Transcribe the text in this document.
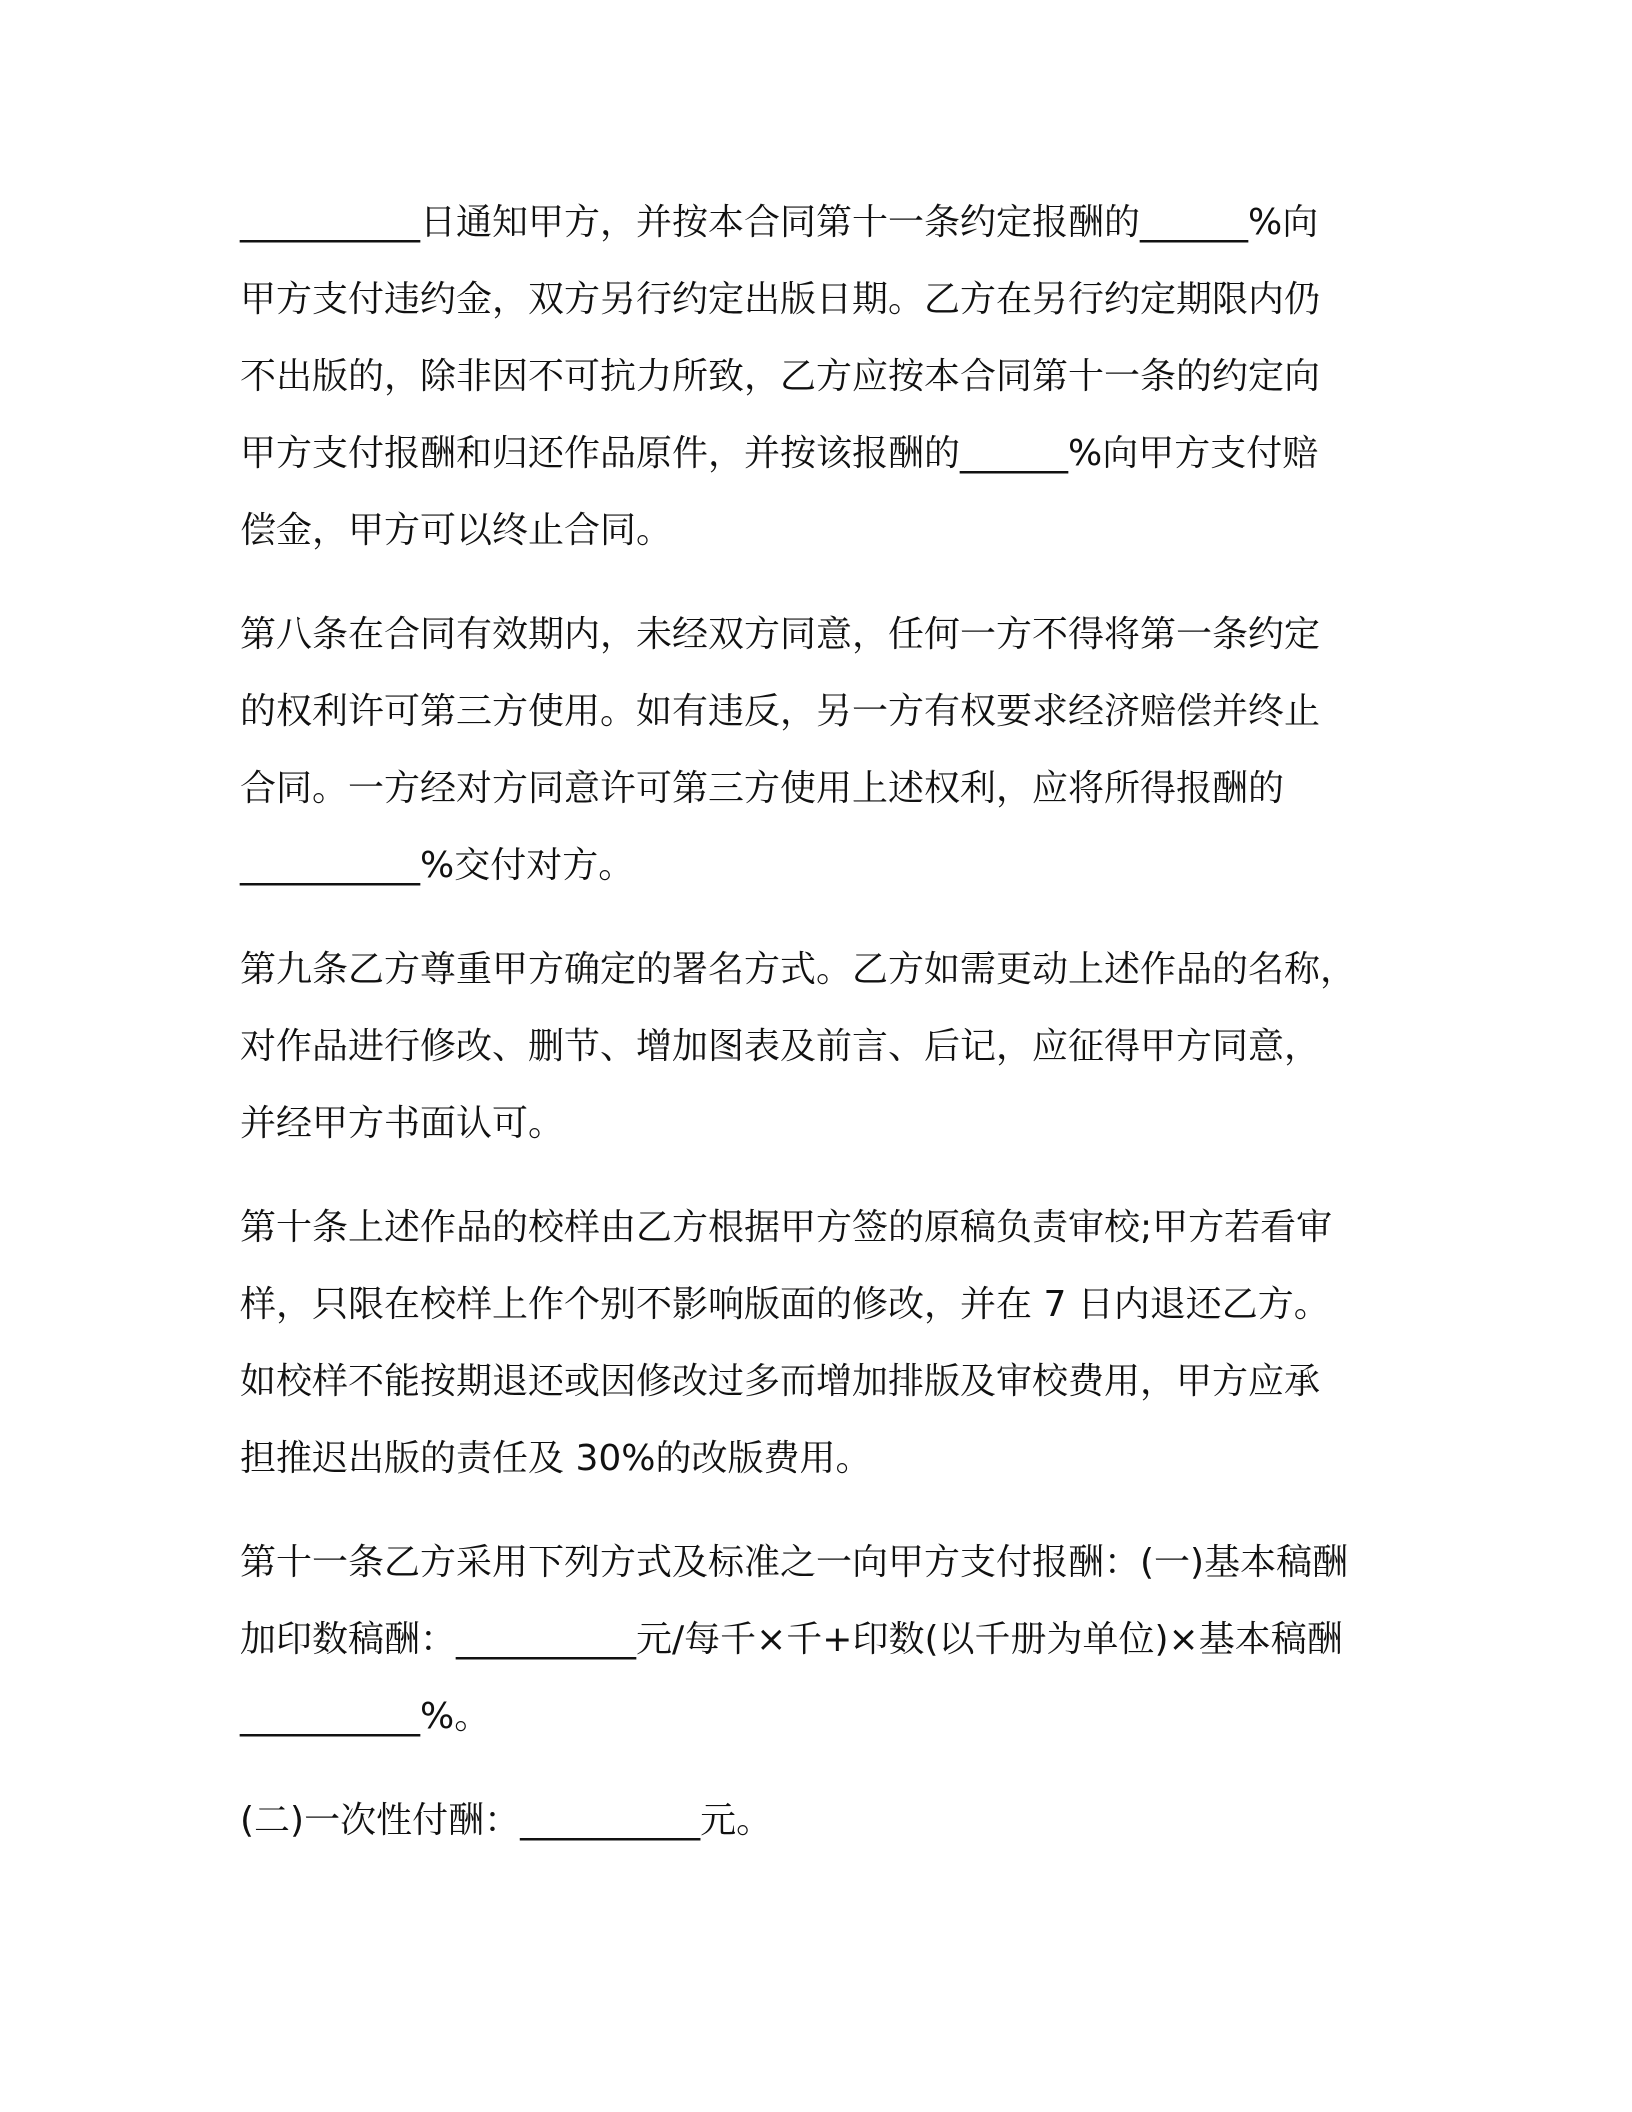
__________日通知甲方，并按本合同第十一条约定报酬的______%向
甲方支付违约金，双方另行约定出版日期。乙方在另行约定期限内仍
不出版的，除非因不可抗力所致，乙方应按本合同第十一条的约定向
甲方支付报酬和归还作品原件，并按该报酬的______%向甲方支付赔
偿金，甲方可以终止合同。

第八条在合同有效期内，未经双方同意，任何一方不得将第一条约定
的权利许可第三方使用。如有违反，另一方有权要求经济赔偿并终止
合同。一方经对方同意许可第三方使用上述权利，应将所得报酬的
__________%交付对方。

第九条乙方尊重甲方确定的署名方式。乙方如需更动上述作品的名称，
对作品进行修改、删节、增加图表及前言、后记，应征得甲方同意，
并经甲方书面认可。

第十条上述作品的校样由乙方根据甲方签的原稿负责审校;甲方若看审
样，只限在校样上作个别不影响版面的修改，并在 7 日内退还乙方。
如校样不能按期退还或因修改过多而增加排版及审校费用，甲方应承
担推迟出版的责任及 30%的改版费用。

第十一条乙方采用下列方式及标准之一向甲方支付报酬：(一)基本稿酬
加印数稿酬：__________元/每千×千+印数(以千册为单位)×基本稿酬
__________%。

(二)一次性付酬：__________元。
